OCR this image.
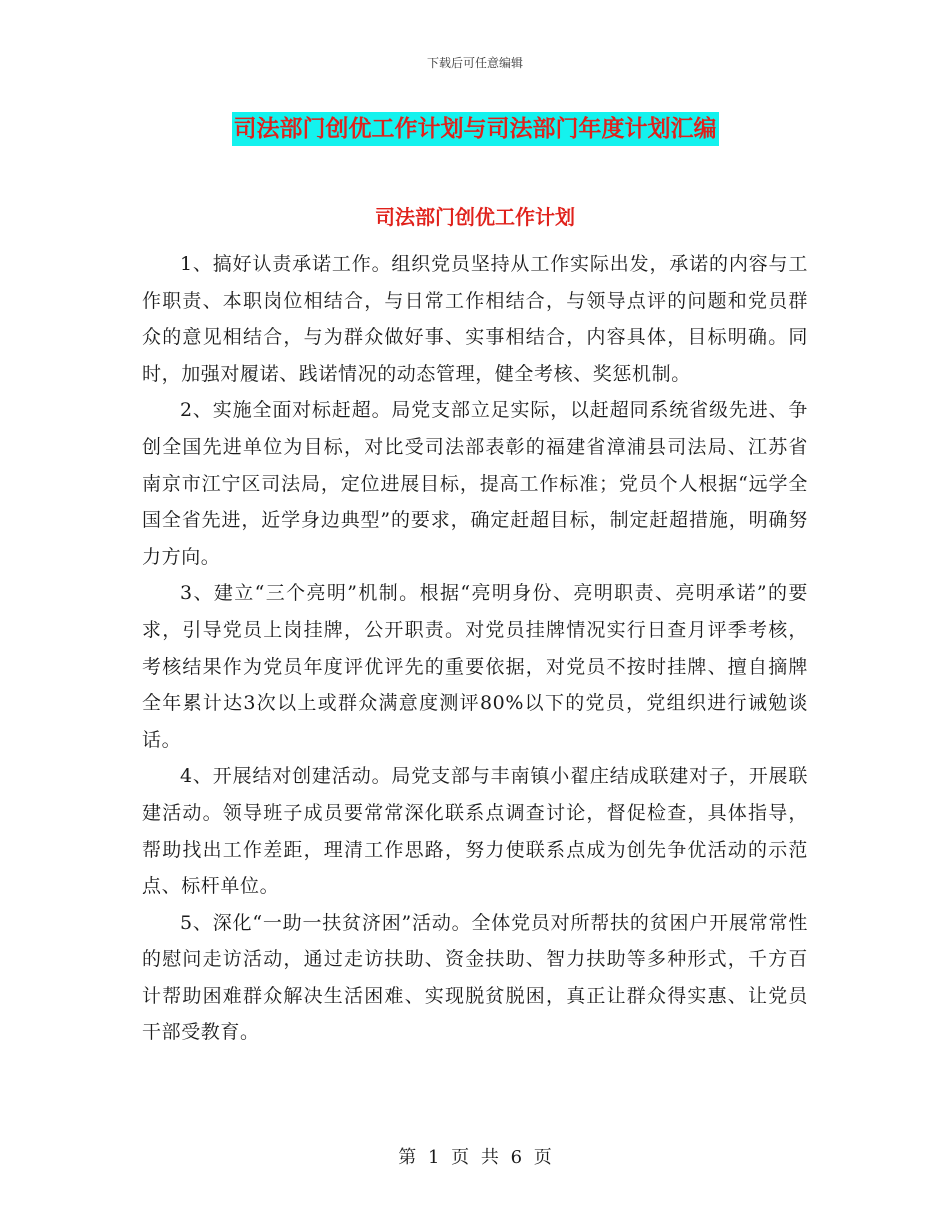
下载后可任意编辑
司法部门创优工作计划与司法部门年度计划汇编
司法部门创优工作计划

1、搞好认责承诺工作。组织党员坚持从工作实际出发，承诺的内容与工作职责、本职岗位相结合，与日常工作相结合，与领导点评的问题和党员群众的意见相结合，与为群众做好事、实事相结合，内容具体，目标明确。同时，加强对履诺、践诺情况的动态管理，健全考核、奖惩机制。

2、实施全面对标赶超。局党支部立足实际，以赶超同系统省级先进、争创全国先进单位为目标，对比受司法部表彰的福建省漳浦县司法局、江苏省南京市江宁区司法局，定位进展目标，提高工作标准；党员个人根据“远学全国全省先进，近学身边典型”的要求，确定赶超目标，制定赶超措施，明确努力方向。

3、建立“三个亮明”机制。根据“亮明身份、亮明职责、亮明承诺”的要求，引导党员上岗挂牌，公开职责。对党员挂牌情况实行日查月评季考核，考核结果作为党员年度评优评先的重要依据，对党员不按时挂牌、擅自摘牌全年累计达3次以上或群众满意度测评80%以下的党员，党组织进行诫勉谈话。

4、开展结对创建活动。局党支部与丰南镇小翟庄结成联建对子，开展联建活动。领导班子成员要常常深化联系点调查讨论，督促检查，具体指导，帮助找出工作差距，理清工作思路，努力使联系点成为创先争优活动的示范点、标杆单位。

5、深化“一助一扶贫济困”活动。全体党员对所帮扶的贫困户开展常常性的慰问走访活动，通过走访扶助、资金扶助、智力扶助等多种形式，千方百计帮助困难群众解决生活困难、实现脱贫脱困，真正让群众得实惠、让党员干部受教育。

第 1 页 共 6 页
